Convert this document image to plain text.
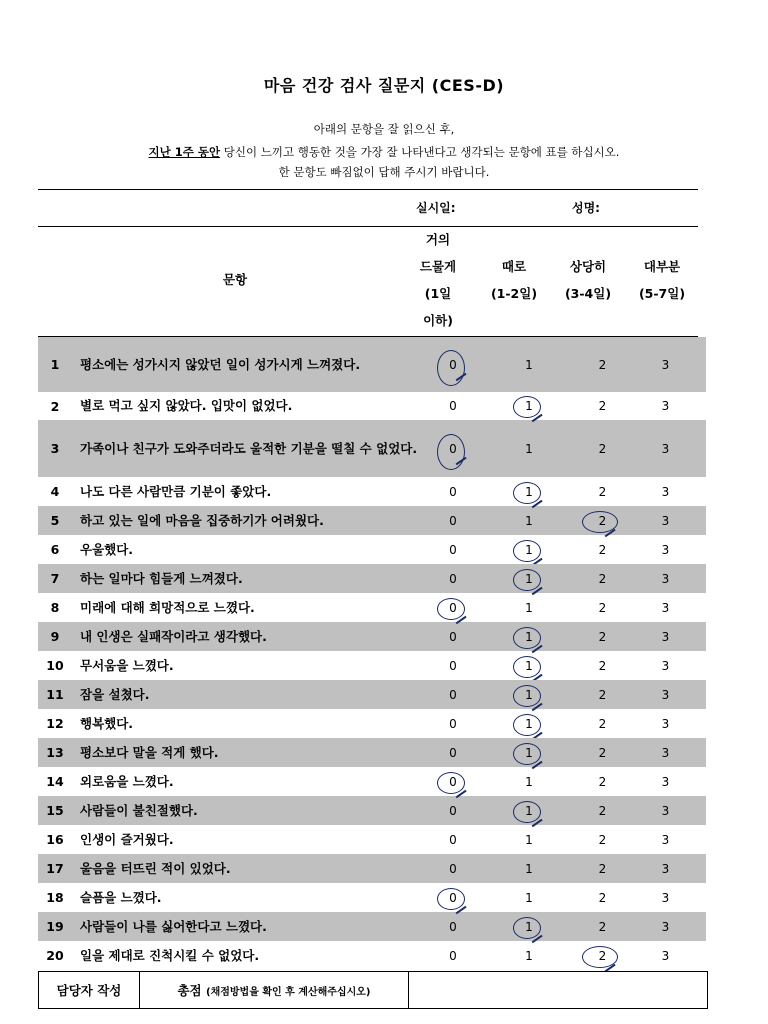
마음 건강 검사 질문지 (CES-D)
아래의 문항을 잘 읽으신 후,
지난 1주 동안 당신이 느끼고 행동한 것을 가장 잘 나타낸다고 생각되는 문항에 표를 하십시오.
한 문항도 빠짐없이 답해 주시기 바랍니다.
실시일:	성명:
문항
거의
드물게
(1일
이하)
때로
(1-2일)
상당히
(3-4일)
대부분
(5-7일)
1	평소에는 성가시지 않았던 일이 성가시게 느껴졌다.	0	1	2	3
2	별로 먹고 싶지 않았다. 입맛이 없었다.	0	1	2	3
3	가족이나 친구가 도와주더라도 울적한 기분을 떨칠 수 없었다.	0	1	2	3
4	나도 다른 사람만큼 기분이 좋았다.	0	1	2	3
5	하고 있는 일에 마음을 집중하기가 어려웠다.	0	1	2	3
6	우울했다.	0	1	2	3
7	하는 일마다 힘들게 느껴졌다.	0	1	2	3
8	미래에 대해 희망적으로 느꼈다.	0	1	2	3
9	내 인생은 실패작이라고 생각했다.	0	1	2	3
10	무서움을 느꼈다.	0	1	2	3
11	잠을 설쳤다.	0	1	2	3
12	행복했다.	0	1	2	3
13	평소보다 말을 적게 했다.	0	1	2	3
14	외로움을 느꼈다.	0	1	2	3
15	사람들이 불친절했다.	0	1	2	3
16	인생이 즐거웠다.	0	1	2	3
17	울음을 터뜨린 적이 있었다.	0	1	2	3
18	슬픔을 느꼈다.	0	1	2	3
19	사람들이 나를 싫어한다고 느꼈다.	0	1	2	3
20	일을 제대로 진척시킬 수 없었다.	0	1	2	3
담당자 작성	총점 (채점방법을 확인 후 계산해주십시오)	
